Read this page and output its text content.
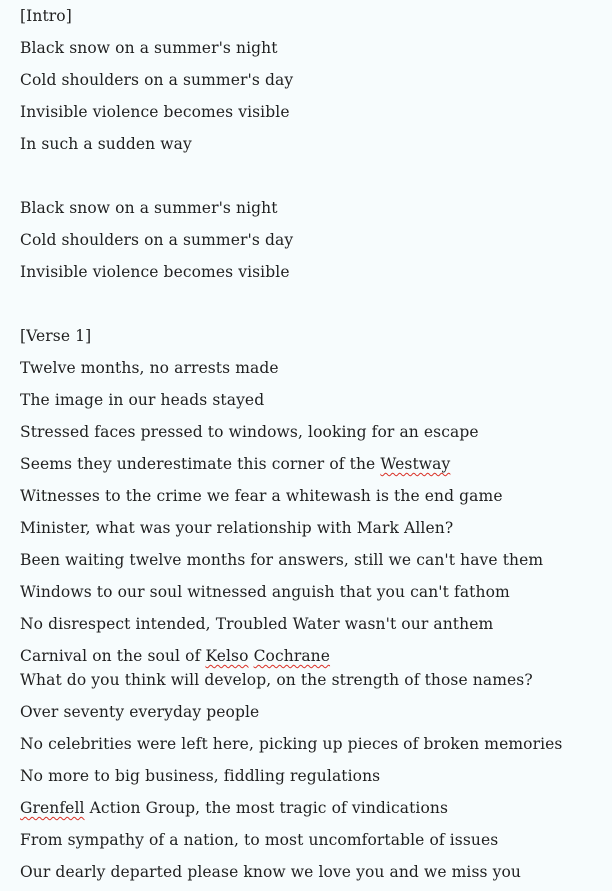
[Intro]
Black snow on a summer's night
Cold shoulders on a summer's day
Invisible violence becomes visible
In such a sudden way
Black snow on a summer's night
Cold shoulders on a summer's day
Invisible violence becomes visible
[Verse 1]
Twelve months, no arrests made
The image in our heads stayed
Stressed faces pressed to windows, looking for an escape
Seems they underestimate this corner of the Westway
Witnesses to the crime we fear a whitewash is the end game
Minister, what was your relationship with Mark Allen?
Been waiting twelve months for answers, still we can't have them
Windows to our soul witnessed anguish that you can't fathom
No disrespect intended, Troubled Water wasn't our anthem
Carnival on the soul of Kelso Cochrane
What do you think will develop, on the strength of those names?
Over seventy everyday people
No celebrities were left here, picking up pieces of broken memories
No more to big business, fiddling regulations
Grenfell Action Group, the most tragic of vindications
From sympathy of a nation, to most uncomfortable of issues
Our dearly departed please know we love you and we miss you
